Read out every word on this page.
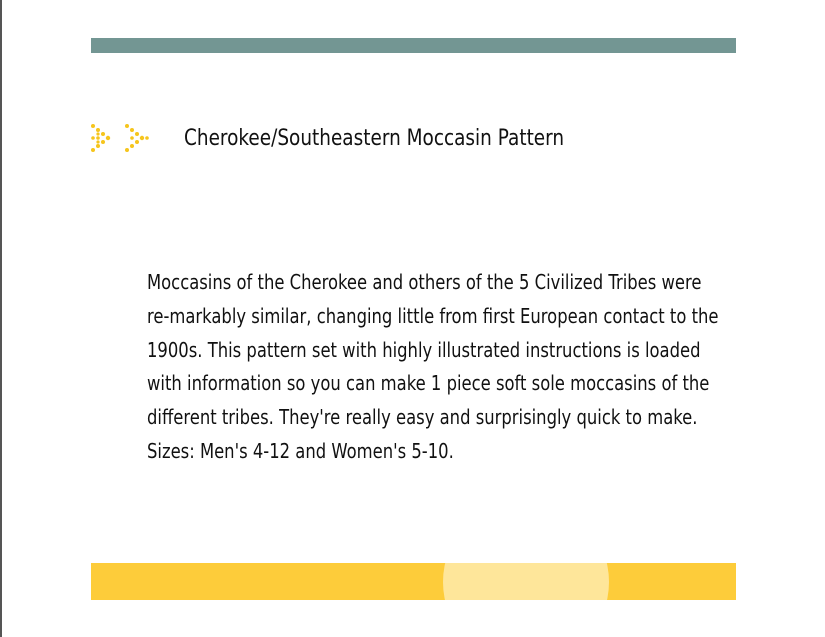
Cherokee/Southeastern Moccasin Pattern
Moccasins of the Cherokee and others of the 5 Civilized Tribes were re-markably similar, changing little from first European contact to the 1900s. This pattern set with highly illustrated instructions is loaded with information so you can make 1 piece soft sole moccasins of the different tribes. They're really easy and surprisingly quick to make. Sizes: Men's 4-12 and Women's 5-10.
